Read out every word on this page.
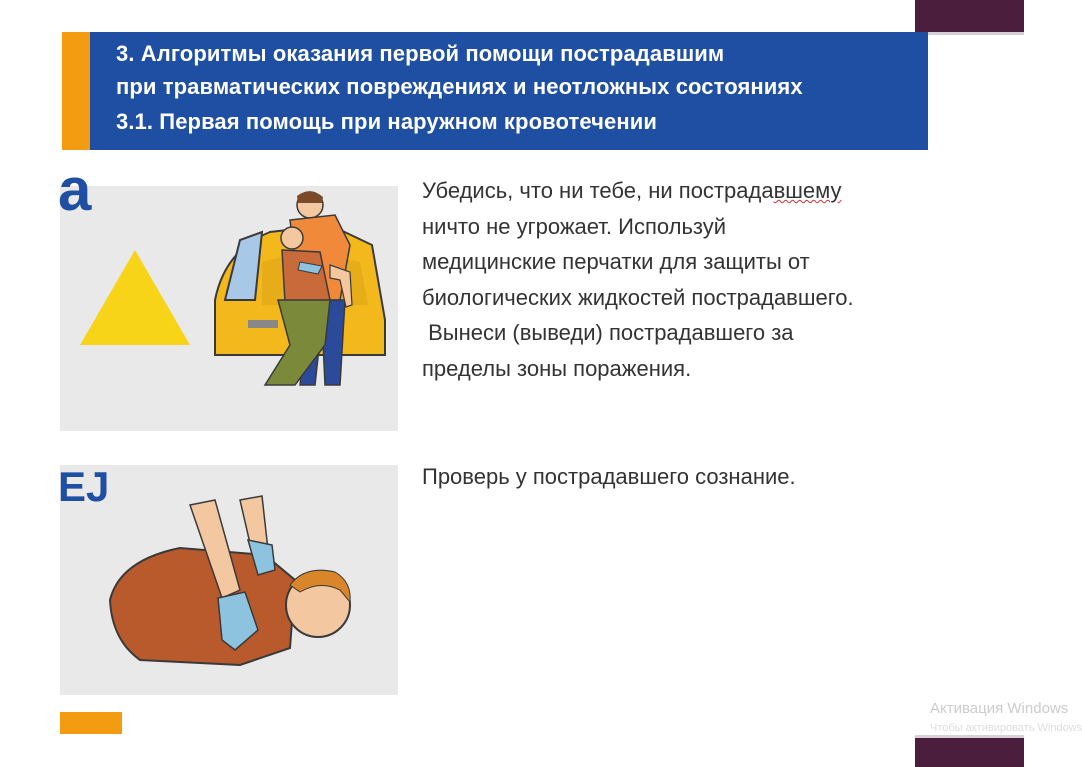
3. Алгоритмы оказания первой помощи пострадавшим
при травматических повреждениях и неотложных состояниях
3.1. Первая помощь при наружном кровотечении
а
EJ
Убедись, что ни тебе, ни пострадавшему
ничто не угрожает. Используй
медицинские перчатки для защиты от
биологических жидкостей пострадавшего.
Вынеси (выведи) пострадавшего за
пределы зоны поражения.
Проверь у пострадавшего сознание.
Активация Windows
Чтобы активировать Windows
